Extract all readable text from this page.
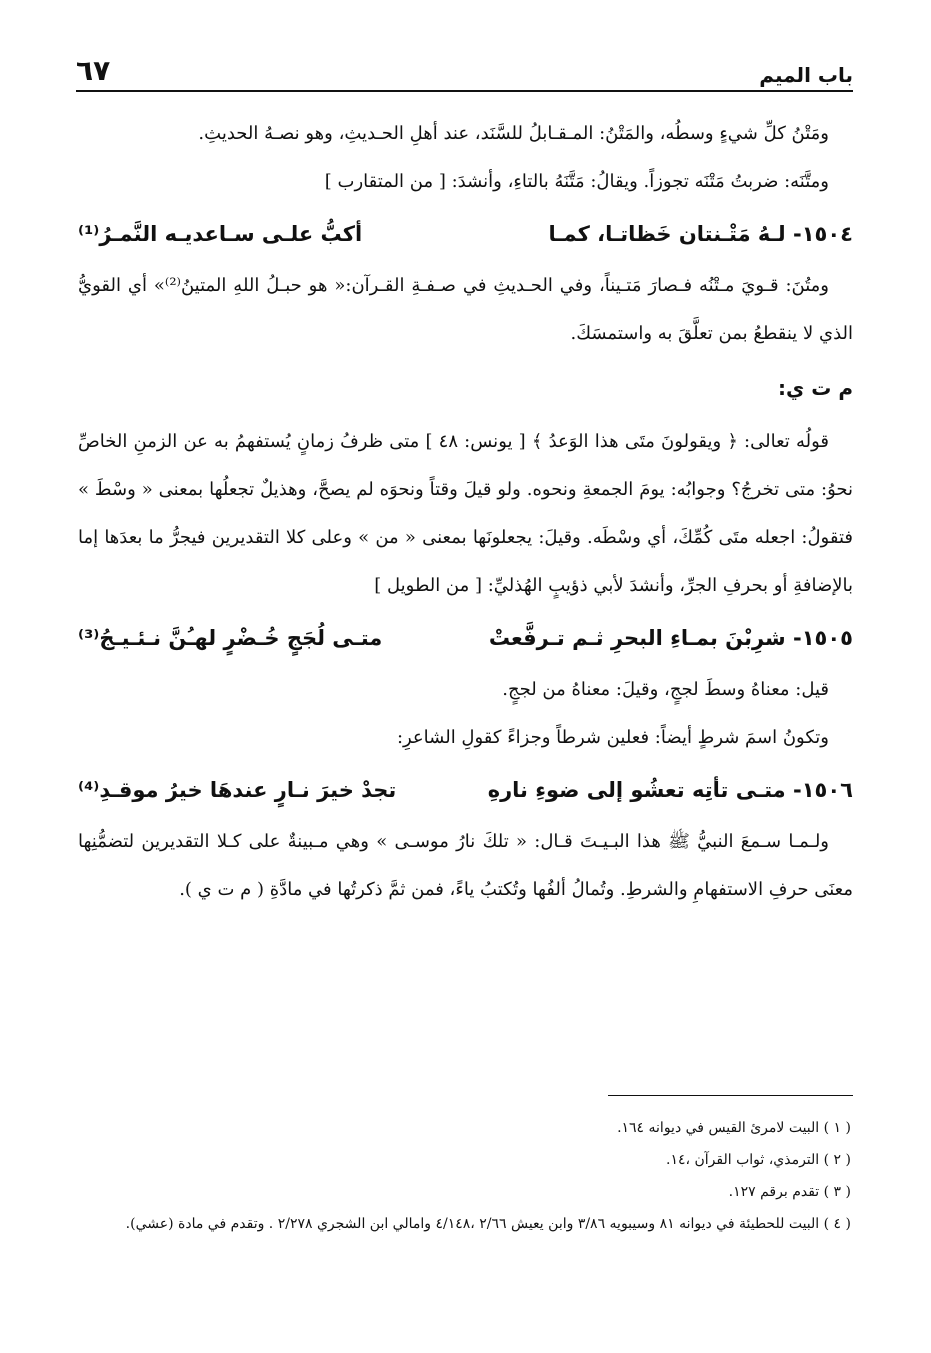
٦٧	باب الميم

ومَتْنُ كلِّ شيءٍ وسطُه، والمَتْنُ: المـقـابلُ للسَّنَد، عند أهلِ الحـديثِ، وهو نصـهُ الحديثِ.

ومتَّنَه: ضربتُ مَتْنَه تجوزاً. ويقالُ: مَتَّنَهُ بالتاءِ، وأنشدَ: [ من المتقارب ]

١٥٠٤- لـهُ مَتْـنتان خَظاتـا، كمـا
أكبُّ علـى سـاعديـه النَّمـرُ⁽¹⁾

ومتُنَ: قـويَ مـتْنُه فـصارَ مَتـيناً، وفي الحـديثِ في صـفـةِ القـرآن:« هو حبـلُ اللهِ المتينُ⁽²⁾» أي القويُّ الذي لا ينقطعُ بمن تعلَّقَ به واستمسَكَ.

م ت ي:

قولُه تعالى: ﴿ ويقولونَ متَى هذا الوَعدُ ﴾ [ يونس: ٤٨ ] متى ظرفُ زمانٍ يُستفهمُ به عن الزمنِ الخاصِّ نحوُ: متى تخرجُ؟ وجوابُه: يومَ الجمعةِ ونحوه. ولو قيلَ وقتاً ونحوَه لم يصحَّ، وهذيلٌ تجعلُها بمعنى « وسْطَ » فتقولُ: اجعله متَى كُمِّكَ، أي وسْطَه. وقيلَ: يجعلونَها بمعنى « من » وعلى كلا التقديرين فيجرُّ ما بعدَها إما بالإضافةِ أو بحرفِ الجرِّ، وأنشدَ لأبي ذؤيبٍ الهُذليِّ: [ من الطويل ]

١٥٠٥- شرِبْنَ بمـاءِ البحرِ ثـم تـرفَّعتْ
متـى لُجَجٍ خُـضْرٍ لهـُنَّ نـئـيـجُ⁽³⁾

قيل: معناهُ وسطَ لججٍ، وقيلَ: معناهُ من لججٍ.

وتكونُ اسمَ شرطٍ أيضاً: فعلين شرطاً وجزاءً كقولِ الشاعرِ:

١٥٠٦- متـى تأتِه تعشُو إلى ضوءِ نارهِ
تجدْ خيرَ نـارٍ عندهَا خيرُ موقـدِ⁽⁴⁾

ولـمـا سـمعَ النبيُّ ﷺ هذا البـيـتَ قـال: « تلكَ نارُ موسـى » وهي مـبينةٌ على كـلا التقديرين لتضمُّنِها معنَى حرفِ الاستفهامِ والشرطِ. وتُمالُ ألفُها وتُكتبُ ياءً، فمن ثمَّ ذكرتُها في مادَّةِ ( م ت ي ).

( ١ ) البيت لامرئ القيس في ديوانه ١٦٤.

( ٢ ) الترمذي، ثواب القرآن ،١٤.

( ٣ ) تقدم برقم ١٢٧.

( ٤ ) البيت للحطيئة في ديوانه ٨١ وسيبويه ٣/٨٦ وابن يعيش ٢/٦٦ ،٤/١٤٨ وامالي ابن الشجري ٢/٢٧٨ . وتقدم في مادة (عشي).
